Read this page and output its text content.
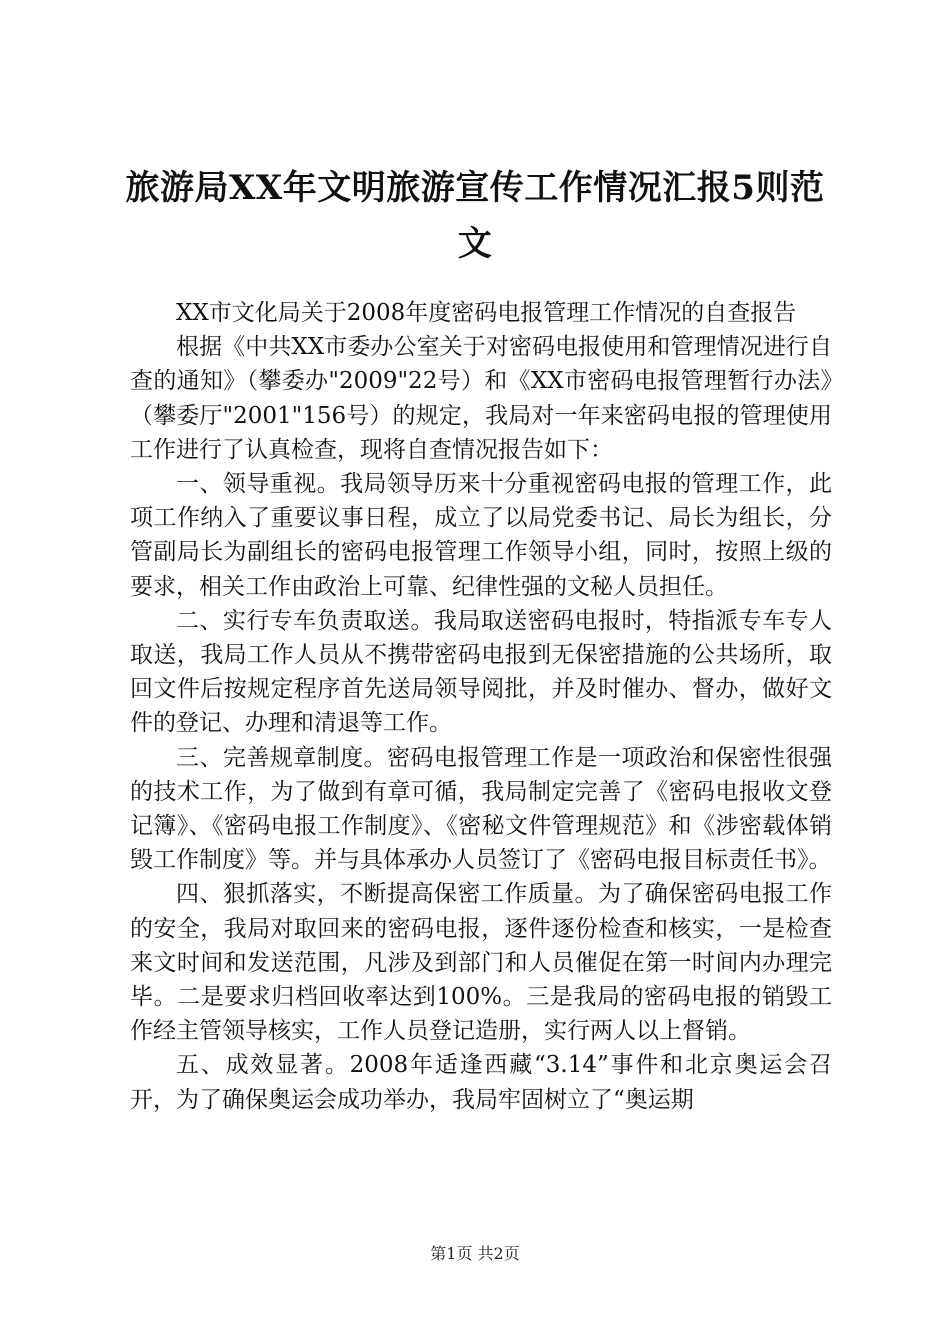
旅游局XX年文明旅游宣传工作情况汇报5则范文

XX市文化局关于2008年度密码电报管理工作情况的自查报告

根据《中共XX市委办公室关于对密码电报使用和管理情况进行自查的通知》（攀委办"2009"22号）和《XX市密码电报管理暂行办法》（攀委厅"2001"156号）的规定，我局对一年来密码电报的管理使用工作进行了认真检查，现将自查情况报告如下：

一、领导重视。我局领导历来十分重视密码电报的管理工作，此项工作纳入了重要议事日程，成立了以局党委书记、局长为组长，分管副局长为副组长的密码电报管理工作领导小组，同时，按照上级的要求，相关工作由政治上可靠、纪律性强的文秘人员担任。

二、实行专车负责取送。我局取送密码电报时，特指派专车专人取送，我局工作人员从不携带密码电报到无保密措施的公共场所，取回文件后按规定程序首先送局领导阅批，并及时催办、督办，做好文件的登记、办理和清退等工作。

三、完善规章制度。密码电报管理工作是一项政治和保密性很强的技术工作，为了做到有章可循，我局制定完善了《密码电报收文登记簿》、《密码电报工作制度》、《密秘文件管理规范》和《涉密载体销毁工作制度》等。并与具体承办人员签订了《密码电报目标责任书》。

四、狠抓落实，不断提高保密工作质量。为了确保密码电报工作的安全，我局对取回来的密码电报，逐件逐份检查和核实，一是检查来文时间和发送范围，凡涉及到部门和人员催促在第一时间内办理完毕。二是要求归档回收率达到100%。三是我局的密码电报的销毁工作经主管领导核实，工作人员登记造册，实行两人以上督销。

五、成效显著。2008年适逢西藏“3.14”事件和北京奥运会召开，为了确保奥运会成功举办，我局牢固树立了“奥运期

第1页 共2页
